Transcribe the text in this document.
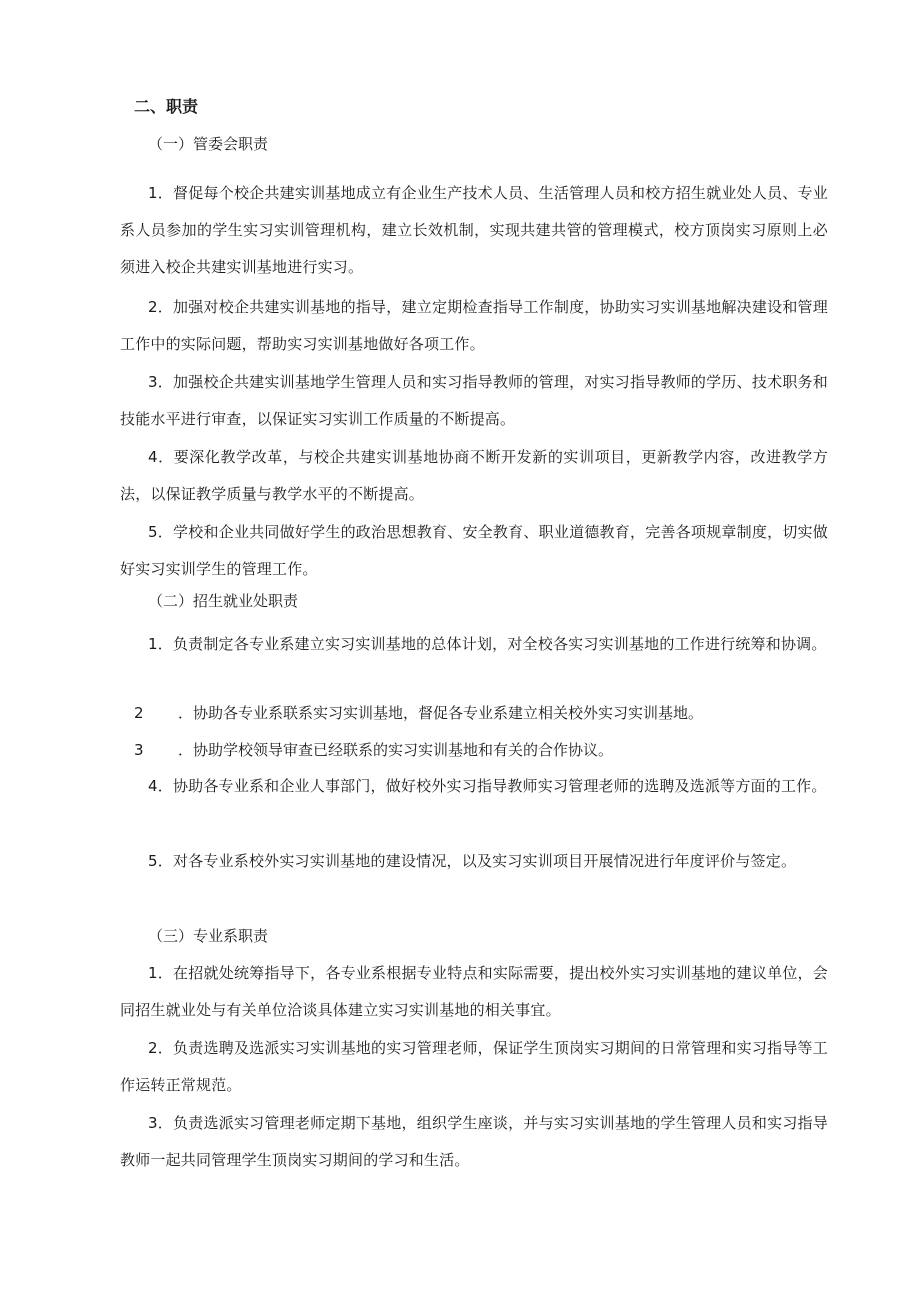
二、职责
（一）管委会职责
1．督促每个校企共建实训基地成立有企业生产技术人员、生活管理人员和校方招生就业处人员、专业系人员参加的学生实习实训管理机构，建立长效机制，实现共建共管的管理模式，校方顶岗实习原则上必须进入校企共建实训基地进行实习。
2．加强对校企共建实训基地的指导，建立定期检查指导工作制度，协助实习实训基地解决建设和管理工作中的实际问题，帮助实习实训基地做好各项工作。
3．加强校企共建实训基地学生管理人员和实习指导教师的管理，对实习指导教师的学历、技术职务和技能水平进行审查，以保证实习实训工作质量的不断提高。
4．要深化教学改革，与校企共建实训基地协商不断开发新的实训项目，更新教学内容，改进教学方法，以保证教学质量与教学水平的不断提高。
5．学校和企业共同做好学生的政治思想教育、安全教育、职业道德教育，完善各项规章制度，切实做好实习实训学生的管理工作。
（二）招生就业处职责
1．负责制定各专业系建立实习实训基地的总体计划，对全校各实习实训基地的工作进行统筹和协调。
2 ．协助各专业系联系实习实训基地，督促各专业系建立相关校外实习实训基地。
3 ．协助学校领导审查已经联系的实习实训基地和有关的合作协议。
4．协助各专业系和企业人事部门，做好校外实习指导教师实习管理老师的选聘及选派等方面的工作。
5．对各专业系校外实习实训基地的建设情况，以及实习实训项目开展情况进行年度评价与签定。
（三）专业系职责
1．在招就处统筹指导下，各专业系根据专业特点和实际需要，提出校外实习实训基地的建议单位，会同招生就业处与有关单位洽谈具体建立实习实训基地的相关事宜。
2．负责选聘及选派实习实训基地的实习管理老师，保证学生顶岗实习期间的日常管理和实习指导等工作运转正常规范。
3．负责选派实习管理老师定期下基地，组织学生座谈，并与实习实训基地的学生管理人员和实习指导教师一起共同管理学生顶岗实习期间的学习和生活。
